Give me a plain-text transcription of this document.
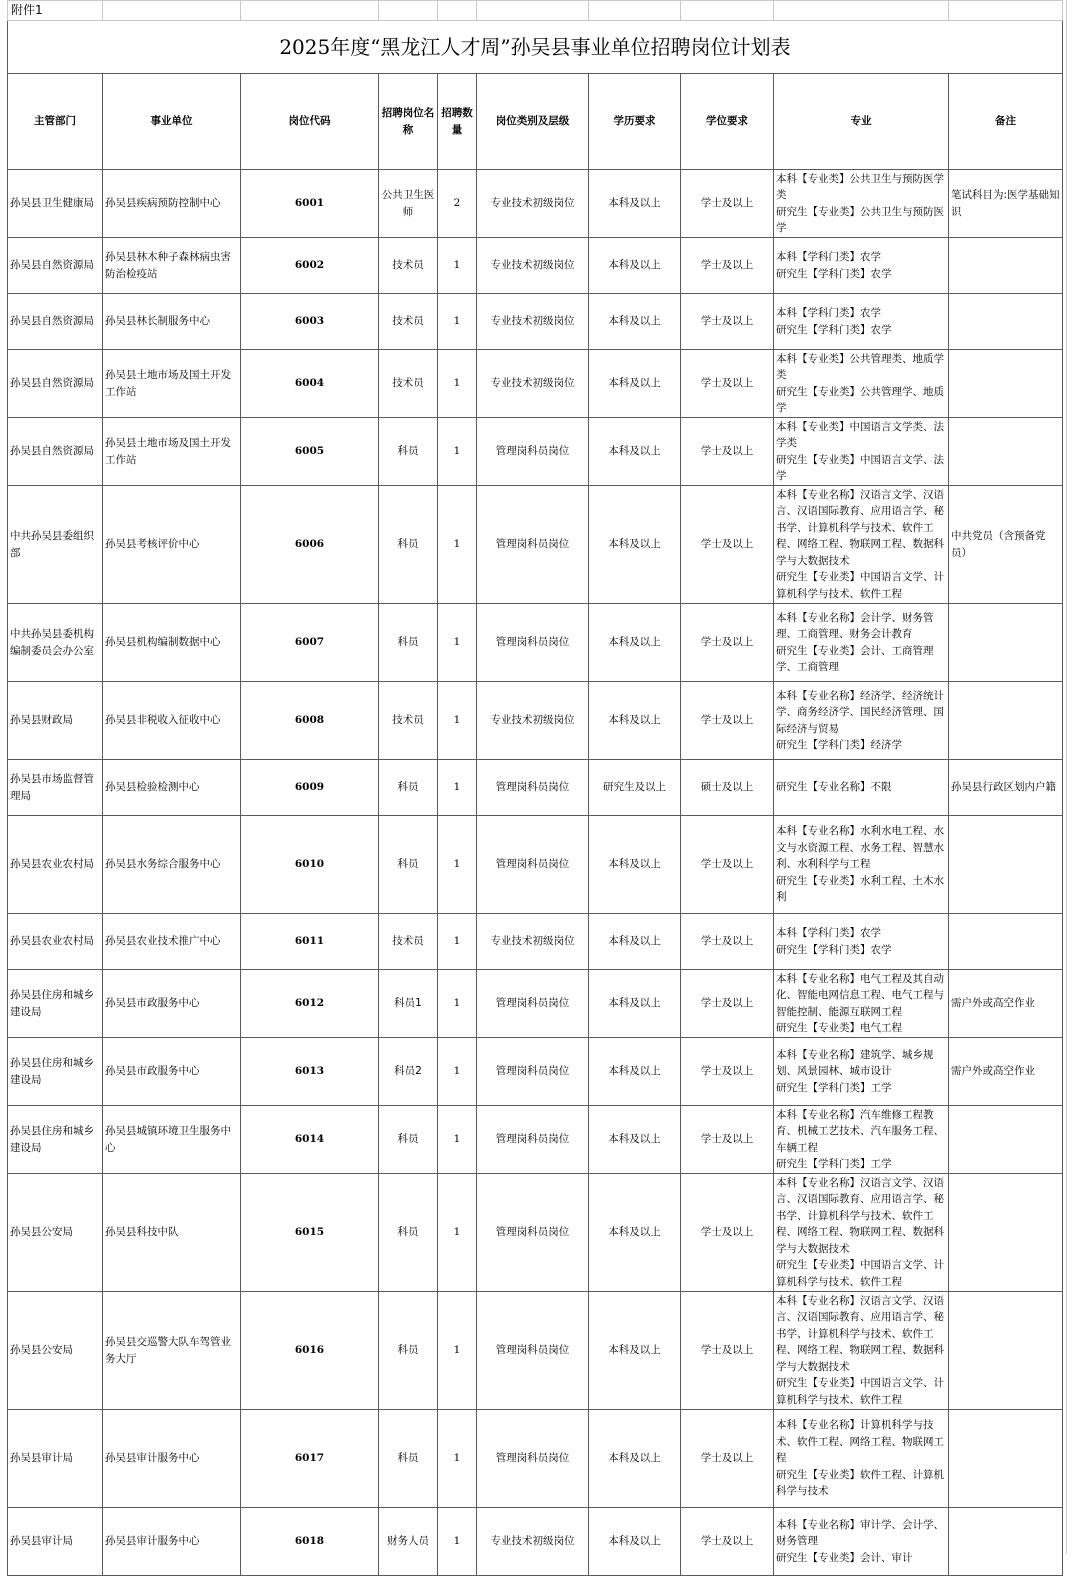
附件1									
2025年度“黑龙江人才周”孙吴县事业单位招聘岗位计划表									
主管部门	事业单位	岗位代码	招聘岗位名称	招聘数量	岗位类别及层级	学历要求	学位要求	专业	备注
孙吴县卫生健康局	孙吴县疾病预防控制中心	6001	公共卫生医师	2	专业技术初级岗位	本科及以上	学士及以上	本科【专业类】公共卫生与预防医学类
研究生【专业类】公共卫生与预防医学	笔试科目为:医学基础知识
孙吴县自然资源局	孙吴县林木种子森林病虫害防治检疫站	6002	技术员	1	专业技术初级岗位	本科及以上	学士及以上	本科【学科门类】农学
研究生【学科门类】农学	
孙吴县自然资源局	孙吴县林长制服务中心	6003	技术员	1	专业技术初级岗位	本科及以上	学士及以上	本科【学科门类】农学
研究生【学科门类】农学	
孙吴县自然资源局	孙吴县土地市场及国土开发工作站	6004	技术员	1	专业技术初级岗位	本科及以上	学士及以上	本科【专业类】公共管理类、地质学类
研究生【专业类】公共管理学、地质学	
孙吴县自然资源局	孙吴县土地市场及国土开发工作站	6005	科员	1	管理岗科员岗位	本科及以上	学士及以上	本科【专业类】中国语言文学类、法学类
研究生【专业类】中国语言文学、法学	
中共孙吴县委组织部	孙吴县考核评价中心	6006	科员	1	管理岗科员岗位	本科及以上	学士及以上	本科【专业名称】汉语言文学、汉语言、汉语国际教育、应用语言学、秘书学、计算机科学与技术、软件工程、网络工程、物联网工程、数据科学与大数据技术
研究生【专业类】中国语言文学、计算机科学与技术、软件工程	中共党员（含预备党员）
中共孙吴县委机构编制委员会办公室	孙吴县机构编制数据中心	6007	科员	1	管理岗科员岗位	本科及以上	学士及以上	本科【专业名称】会计学、财务管理、工商管理、财务会计教育
研究生【专业类】会计、工商管理学、工商管理	
孙吴县财政局	孙吴县非税收入征收中心	6008	技术员	1	专业技术初级岗位	本科及以上	学士及以上	本科【专业名称】经济学、经济统计学、商务经济学、国民经济管理、国际经济与贸易
研究生【学科门类】经济学	
孙吴县市场监督管理局	孙吴县检验检测中心	6009	科员	1	管理岗科员岗位	研究生及以上	硕士及以上	研究生【专业名称】不限	孙吴县行政区划内户籍
孙吴县农业农村局	孙吴县水务综合服务中心	6010	科员	1	管理岗科员岗位	本科及以上	学士及以上	本科【专业名称】水利水电工程、水文与水资源工程、水务工程、智慧水利、水利科学与工程
研究生【专业类】水利工程、土木水利	
孙吴县农业农村局	孙吴县农业技术推广中心	6011	技术员	1	专业技术初级岗位	本科及以上	学士及以上	本科【学科门类】农学
研究生【学科门类】农学	
孙吴县住房和城乡建设局	孙吴县市政服务中心	6012	科员1	1	管理岗科员岗位	本科及以上	学士及以上	本科【专业名称】电气工程及其自动化、智能电网信息工程、电气工程与智能控制、能源互联网工程
研究生【专业类】电气工程	需户外或高空作业
孙吴县住房和城乡建设局	孙吴县市政服务中心	6013	科员2	1	管理岗科员岗位	本科及以上	学士及以上	本科【专业名称】建筑学、城乡规划、风景园林、城市设计
研究生【学科门类】工学	需户外或高空作业
孙吴县住房和城乡建设局	孙吴县城镇环境卫生服务中心	6014	科员	1	管理岗科员岗位	本科及以上	学士及以上	本科【专业名称】汽车维修工程教育、机械工艺技术、汽车服务工程、车辆工程
研究生【学科门类】工学	
孙吴县公安局	孙吴县科技中队	6015	科员	1	管理岗科员岗位	本科及以上	学士及以上	本科【专业名称】汉语言文学、汉语言、汉语国际教育、应用语言学、秘书学、计算机科学与技术、软件工程、网络工程、物联网工程、数据科学与大数据技术
研究生【专业类】中国语言文学、计算机科学与技术、软件工程	
孙吴县公安局	孙吴县交巡警大队车驾管业务大厅	6016	科员	1	管理岗科员岗位	本科及以上	学士及以上	本科【专业名称】汉语言文学、汉语言、汉语国际教育、应用语言学、秘书学、计算机科学与技术、软件工程、网络工程、物联网工程、数据科学与大数据技术
研究生【专业类】中国语言文学、计算机科学与技术、软件工程	
孙吴县审计局	孙吴县审计服务中心	6017	科员	1	管理岗科员岗位	本科及以上	学士及以上	本科【专业名称】计算机科学与技术、软件工程、网络工程、物联网工程
研究生【专业类】软件工程、计算机科学与技术	
孙吴县审计局	孙吴县审计服务中心	6018	财务人员	1	专业技术初级岗位	本科及以上	学士及以上	本科【专业名称】审计学、会计学、财务管理
研究生【专业类】会计、审计	
